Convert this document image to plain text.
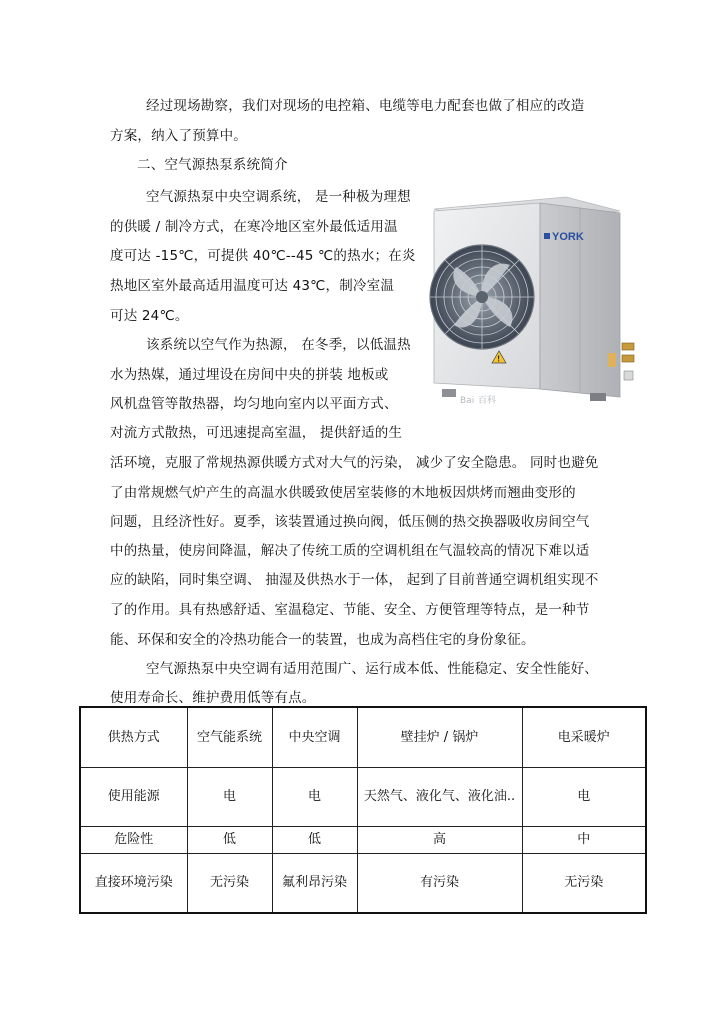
经过现场勘察，我们对现场的电控箱、电缆等电力配套也做了相应的改造
方案，纳入了预算中。
二、空气源热泵系统简介
空气源热泵中央空调系统， 是一种极为理想
的供暖 / 制冷方式，在寒冷地区室外最低适用温
度可达 -15℃，可提供 40℃--45 ℃的热水；在炎
热地区室外最高适用温度可达 43℃，制冷室温
可达 24℃。
该系统以空气作为热源， 在冬季，以低温热
水为热媒，通过埋设在房间中央的拼装 地板或
风机盘管等散热器，均匀地向室内以平面方式、
对流方式散热，可迅速提高室温， 提供舒适的生
活环境，克服了常规热源供暖方式对大气的污染， 减少了安全隐患。 同时也避免
了由常规燃气炉产生的高温水供暖致使居室装修的木地板因烘烤而翘曲变形的
问题，且经济性好。夏季，该装置通过换向阀，低压侧的热交换器吸收房间空气
中的热量，使房间降温，解决了传统工质的空调机组在气温较高的情况下难以适
应的缺陷，同时集空调、 抽湿及供热水于一体， 起到了目前普通空调机组实现不
了的作用。具有热感舒适、室温稳定、节能、安全、方便管理等特点，是一种节
能、环保和安全的冷热功能合一的装置，也成为高档住宅的身份象征。
空气源热泵中央空调有适用范围广、运行成本低、性能稳定、安全性能好、
使用寿命长、维护费用低等有点。
YORK
!
Bai 百科
供热方式	空气能系统	中央空调	壁挂炉 / 锅炉	电采暖炉
使用能源	电	电	天然气、液化气、液化油..	电
危险性	低	低	高	中
直接环境污染	无污染	氟利昂污染	有污染	无污染
